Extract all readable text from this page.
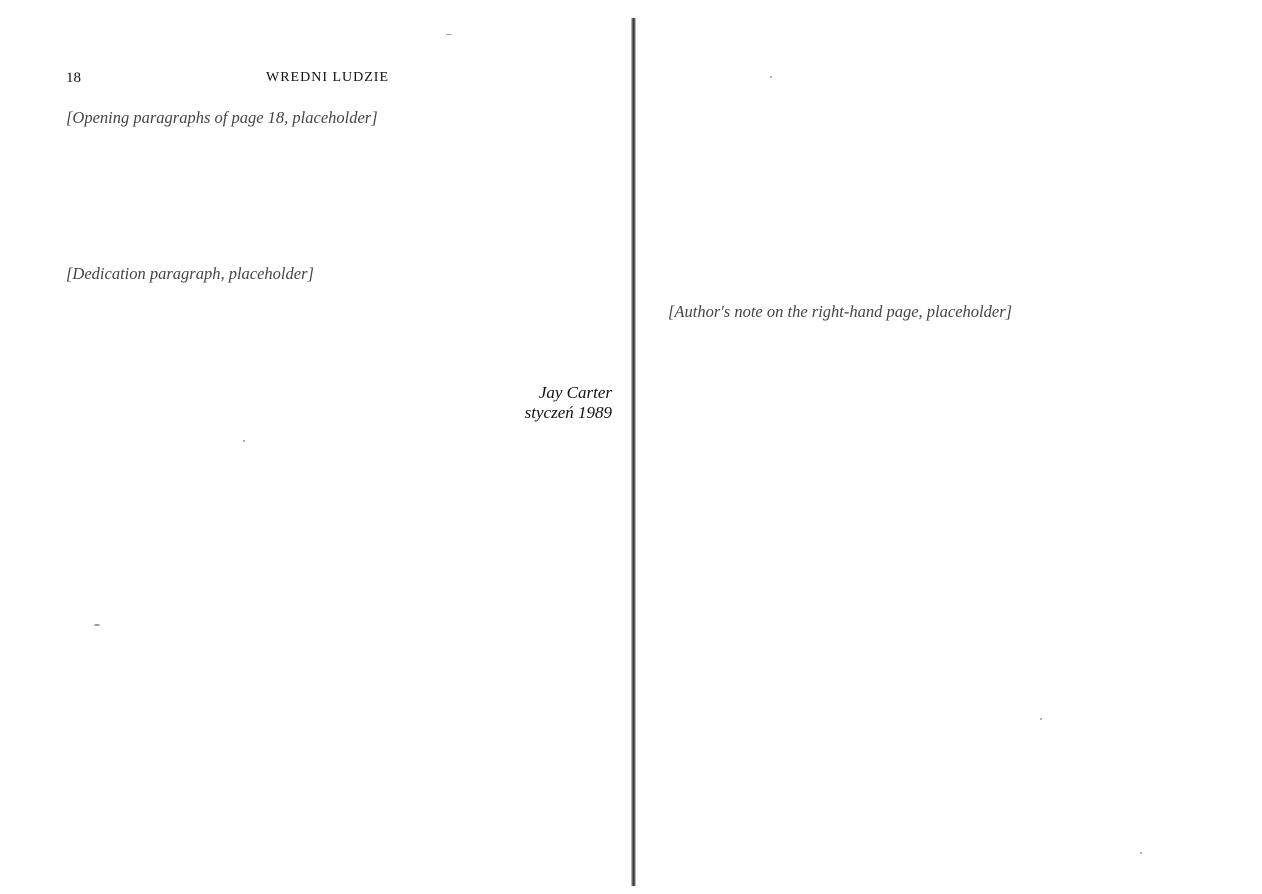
18	WREDNI LUDZIE
[Opening paragraphs of page 18, placeholder]
[Dedication paragraph, placeholder]
Jay Carter
styczeń 1989
[Author's note on the right-hand page, placeholder]
